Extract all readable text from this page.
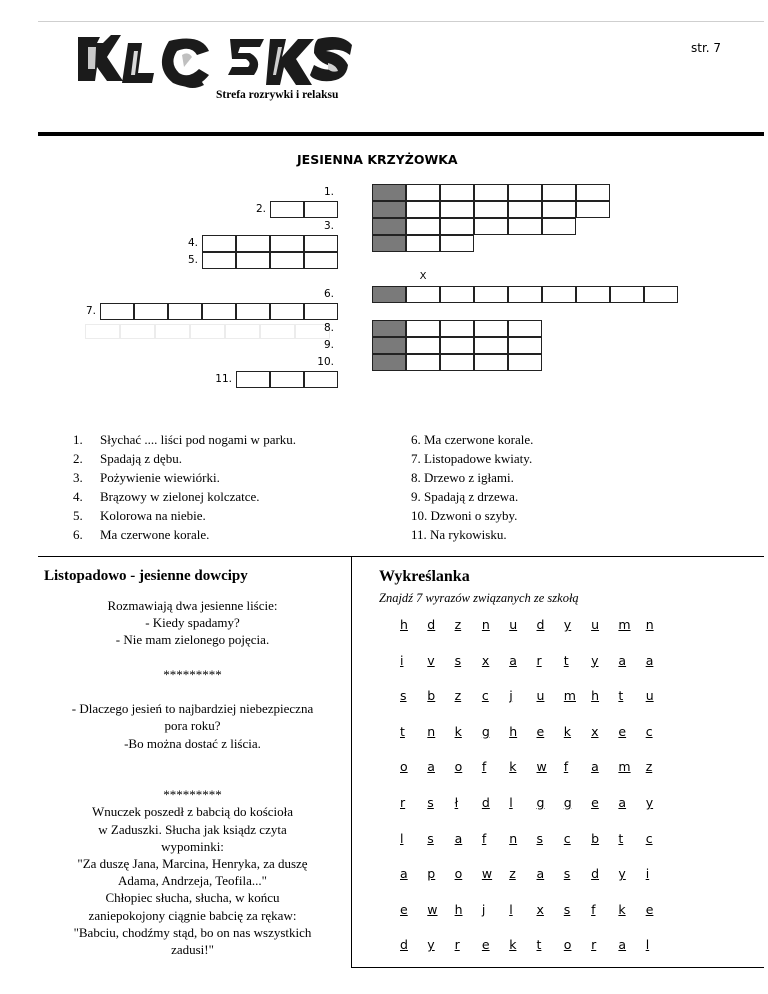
str. 7
Strefa rozrywki i relaksu
JESIENNA KRZYŻOWKA
1.
2.
3.
4.
5.
X
6.
7.
8.
9.
10.
11.
1. Słychać .... liści pod nogami w parku.
2. Spadają z dębu.
3. Pożywienie wiewiórki.
4. Brązowy w zielonej kolczatce.
5. Kolorowa na niebie.
6. Ma czerwone korale.
6. Ma czerwone korale.
7. Listopadowe kwiaty.
8. Drzewo z igłami.
9. Spadają z drzewa.
10. Dzwoni o szyby.
11. Na rykowisku.
Listopadowo - jesienne dowcipy

Rozmawiają dwa jesienne liście:

- Kiedy spadamy?

- Nie mam zielonego pojęcia.

*********

- Dlaczego jesień to najbardziej niebezpieczna

pora roku?

-Bo można dostać z liścia.

*********

Wnuczek poszedł z babcią do kościoła

w Zaduszki. Słucha jak ksiądz czyta

wypominki:

"Za duszę Jana, Marcina, Henryka, za duszę

Adama, Andrzeja, Teofila..."

Chłopiec słucha, słucha, w końcu

zaniepokojony ciągnie babcię za rękaw:

"Babciu, chodźmy stąd, bo on nas wszystkich

zadusi!"

Wykreślanka
Znajdź 7 wyrazów związanych ze szkołą
h	d	z	n	u	d	y	u	m	n
i	v	s	x	a	r	t	y	a	a
s	b	z	c	j	u	m	h	t	u
t	n	k	g	h	e	k	x	e	c
o	a	o	f	k	w	f	a	m	z
r	s	ł	d	l	g	g	e	a	y
l	s	a	f	n	s	c	b	t	c
a	p	o	w	z	a	s	d	y	i
e	w	h	j	l	x	s	f	k	e
d	y	r	e	k	t	o	r	a	l
